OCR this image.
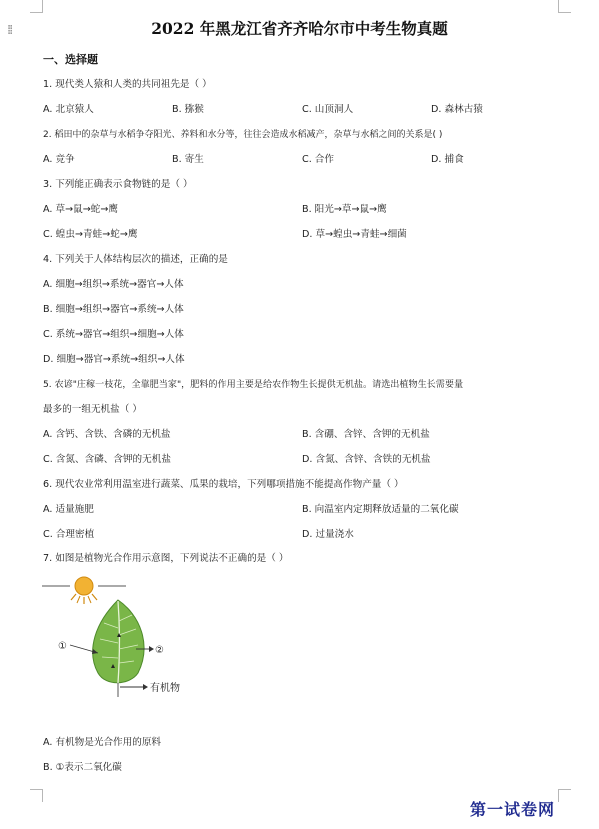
⁞⁞	2022 年黑龙江省齐齐哈尔市中考生物真题
一、选择题
1. 现代类人猿和人类的共同祖先是（ ）
A. 北京猿人	B. 猕猴	C. 山顶洞人	D. 森林古猿
2. 稻田中的杂草与水稻争夺阳光、养料和水分等，往往会造成水稻减产，杂草与水稻之间的关系是( )
A. 竞争	B. 寄生	C. 合作	D. 捕食
3. 下列能正确表示食物链的是（ ）
A. 草→鼠→蛇→鹰	B. 阳光→草→鼠→鹰
C. 蝗虫→青蛙→蛇→鹰	D. 草→蝗虫→青蛙→细菌
4. 下列关于人体结构层次的描述，正确的是
A. 细胞→组织→系统→器官→人体
B. 细胞→组织→器官→系统→人体
C. 系统→器官→组织→细胞→人体
D. 细胞→器官→系统→组织→人体
5. 农谚"庄稼一枝花，全靠肥当家"，肥料的作用主要是给农作物生长提供无机盐。请选出植物生长需要量
最多的一组无机盐（ ）
A. 含钙、含铁、含磷的无机盐	B. 含硼、含锌、含钾的无机盐
C. 含氮、含磷、含钾的无机盐	D. 含氮、含锌、含铁的无机盐
6. 现代农业常利用温室进行蔬菜、瓜果的栽培，下列哪项措施不能提高作物产量（ ）
A. 适量施肥	B. 向温室内定期释放适量的二氧化碳
C. 合理密植	D. 过量浇水
7. 如图是植物光合作用示意图，下列说法不正确的是（ ）
①	②
有机物
A. 有机物是光合作用的原料
B. ①表示二氧化碳
第一试卷网
